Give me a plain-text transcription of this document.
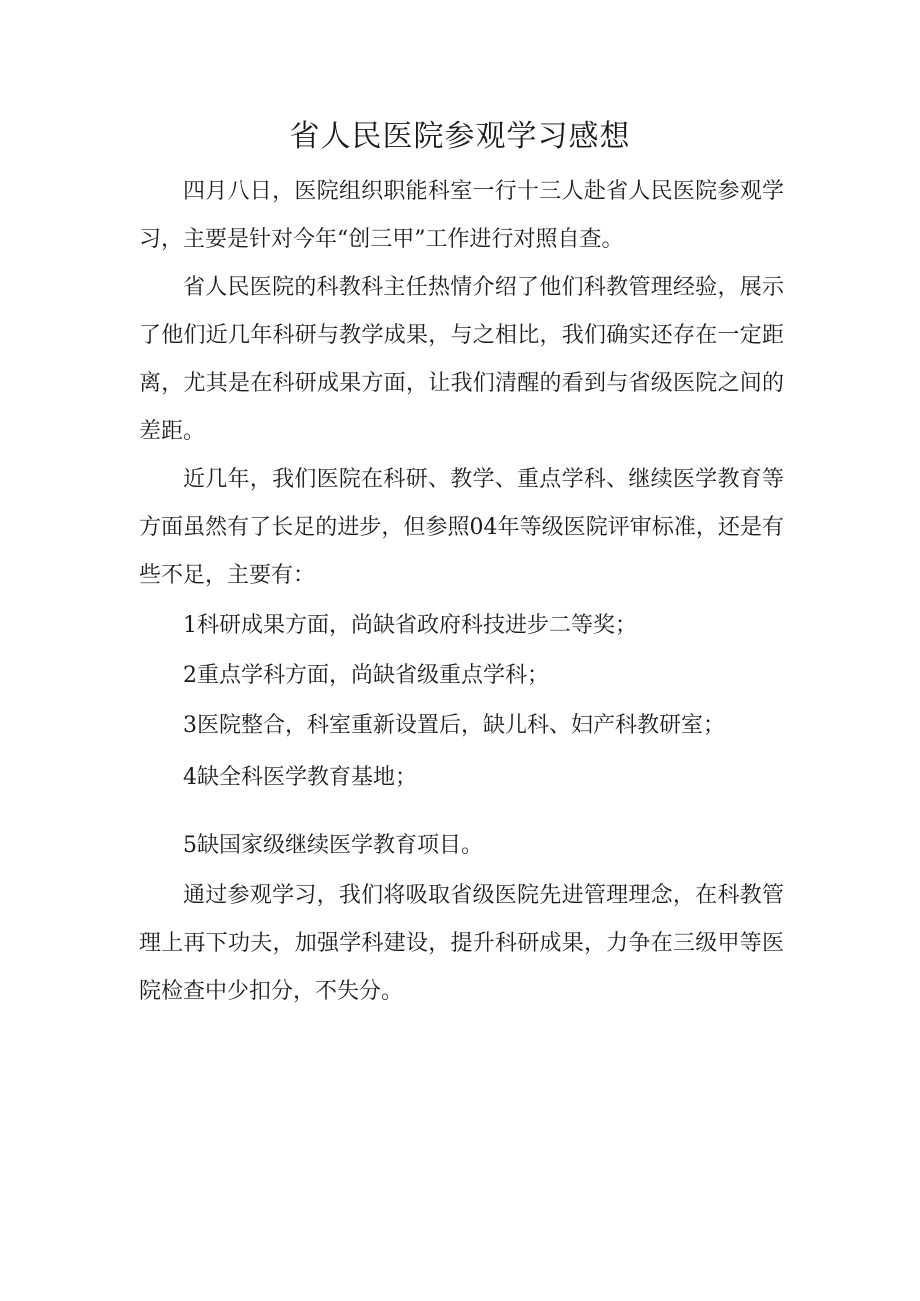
省人民医院参观学习感想

四月八日，医院组织职能科室一行十三人赴省人民医院参观学习，主要是针对今年“创三甲”工作进行对照自查。

省人民医院的科教科主任热情介绍了他们科教管理经验，展示了他们近几年科研与教学成果，与之相比，我们确实还存在一定距离，尤其是在科研成果方面，让我们清醒的看到与省级医院之间的差距。

近几年，我们医院在科研、教学、重点学科、继续医学教育等方面虽然有了长足的进步，但参照04年等级医院评审标准，还是有些不足，主要有：

1科研成果方面，尚缺省政府科技进步二等奖；

2重点学科方面，尚缺省级重点学科；

3医院整合，科室重新设置后，缺儿科、妇产科教研室；

4缺全科医学教育基地；

5缺国家级继续医学教育项目。

通过参观学习，我们将吸取省级医院先进管理理念，在科教管理上再下功夫，加强学科建设，提升科研成果，力争在三级甲等医院检查中少扣分，不失分。
